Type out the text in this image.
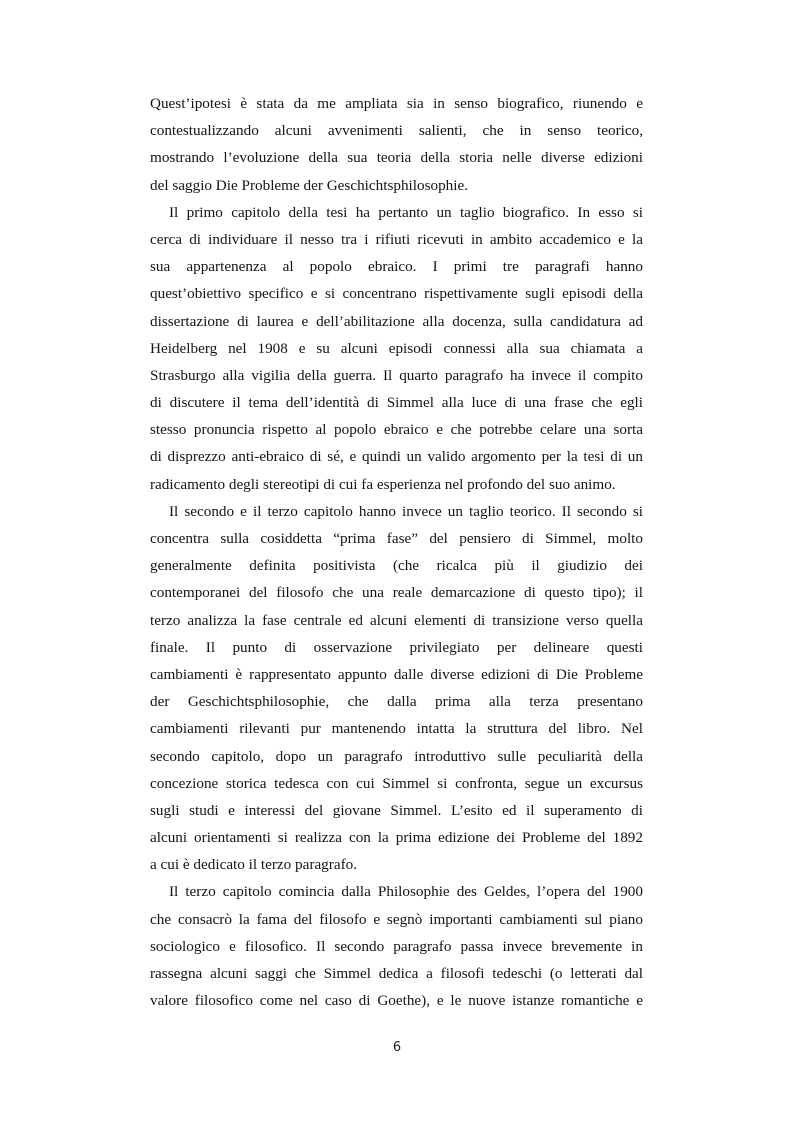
Quest’ipotesi è stata da me ampliata sia in senso biografico, riunendo e
contestualizzando alcuni avvenimenti salienti, che in senso teorico,
mostrando l’evoluzione della sua teoria della storia nelle diverse edizioni
del saggio Die Probleme der Geschichtsphilosophie.
Il primo capitolo della tesi ha pertanto un taglio biografico. In esso si
cerca di individuare il nesso tra i rifiuti ricevuti in ambito accademico e la
sua appartenenza al popolo ebraico. I primi tre paragrafi hanno
quest’obiettivo specifico e si concentrano rispettivamente sugli episodi della
dissertazione di laurea e dell’abilitazione alla docenza, sulla candidatura ad
Heidelberg nel 1908 e su alcuni episodi connessi alla sua chiamata a
Strasburgo alla vigilia della guerra. Il quarto paragrafo ha invece il compito
di discutere il tema dell’identità di Simmel alla luce di una frase che egli
stesso pronuncia rispetto al popolo ebraico e che potrebbe celare una sorta
di disprezzo anti-ebraico di sé, e quindi un valido argomento per la tesi di un
radicamento degli stereotipi di cui fa esperienza nel profondo del suo animo.
Il secondo e il terzo capitolo hanno invece un taglio teorico. Il secondo si
concentra sulla cosiddetta “prima fase” del pensiero di Simmel, molto
generalmente definita positivista (che ricalca più il giudizio dei
contemporanei del filosofo che una reale demarcazione di questo tipo); il
terzo analizza la fase centrale ed alcuni elementi di transizione verso quella
finale. Il punto di osservazione privilegiato per delineare questi
cambiamenti è rappresentato appunto dalle diverse edizioni di Die Probleme
der Geschichtsphilosophie, che dalla prima alla terza presentano
cambiamenti rilevanti pur mantenendo intatta la struttura del libro. Nel
secondo capitolo, dopo un paragrafo introduttivo sulle peculiarità della
concezione storica tedesca con cui Simmel si confronta, segue un excursus
sugli studi e interessi del giovane Simmel. L’esito ed il superamento di
alcuni orientamenti si realizza con la prima edizione dei Probleme del 1892
a cui è dedicato il terzo paragrafo.
Il terzo capitolo comincia dalla Philosophie des Geldes, l’opera del 1900
che consacrò la fama del filosofo e segnò importanti cambiamenti sul piano
sociologico e filosofico. Il secondo paragrafo passa invece brevemente in
rassegna alcuni saggi che Simmel dedica a filosofi tedeschi (o letterati dal
valore filosofico come nel caso di Goethe), e le nuove istanze romantiche e
6
